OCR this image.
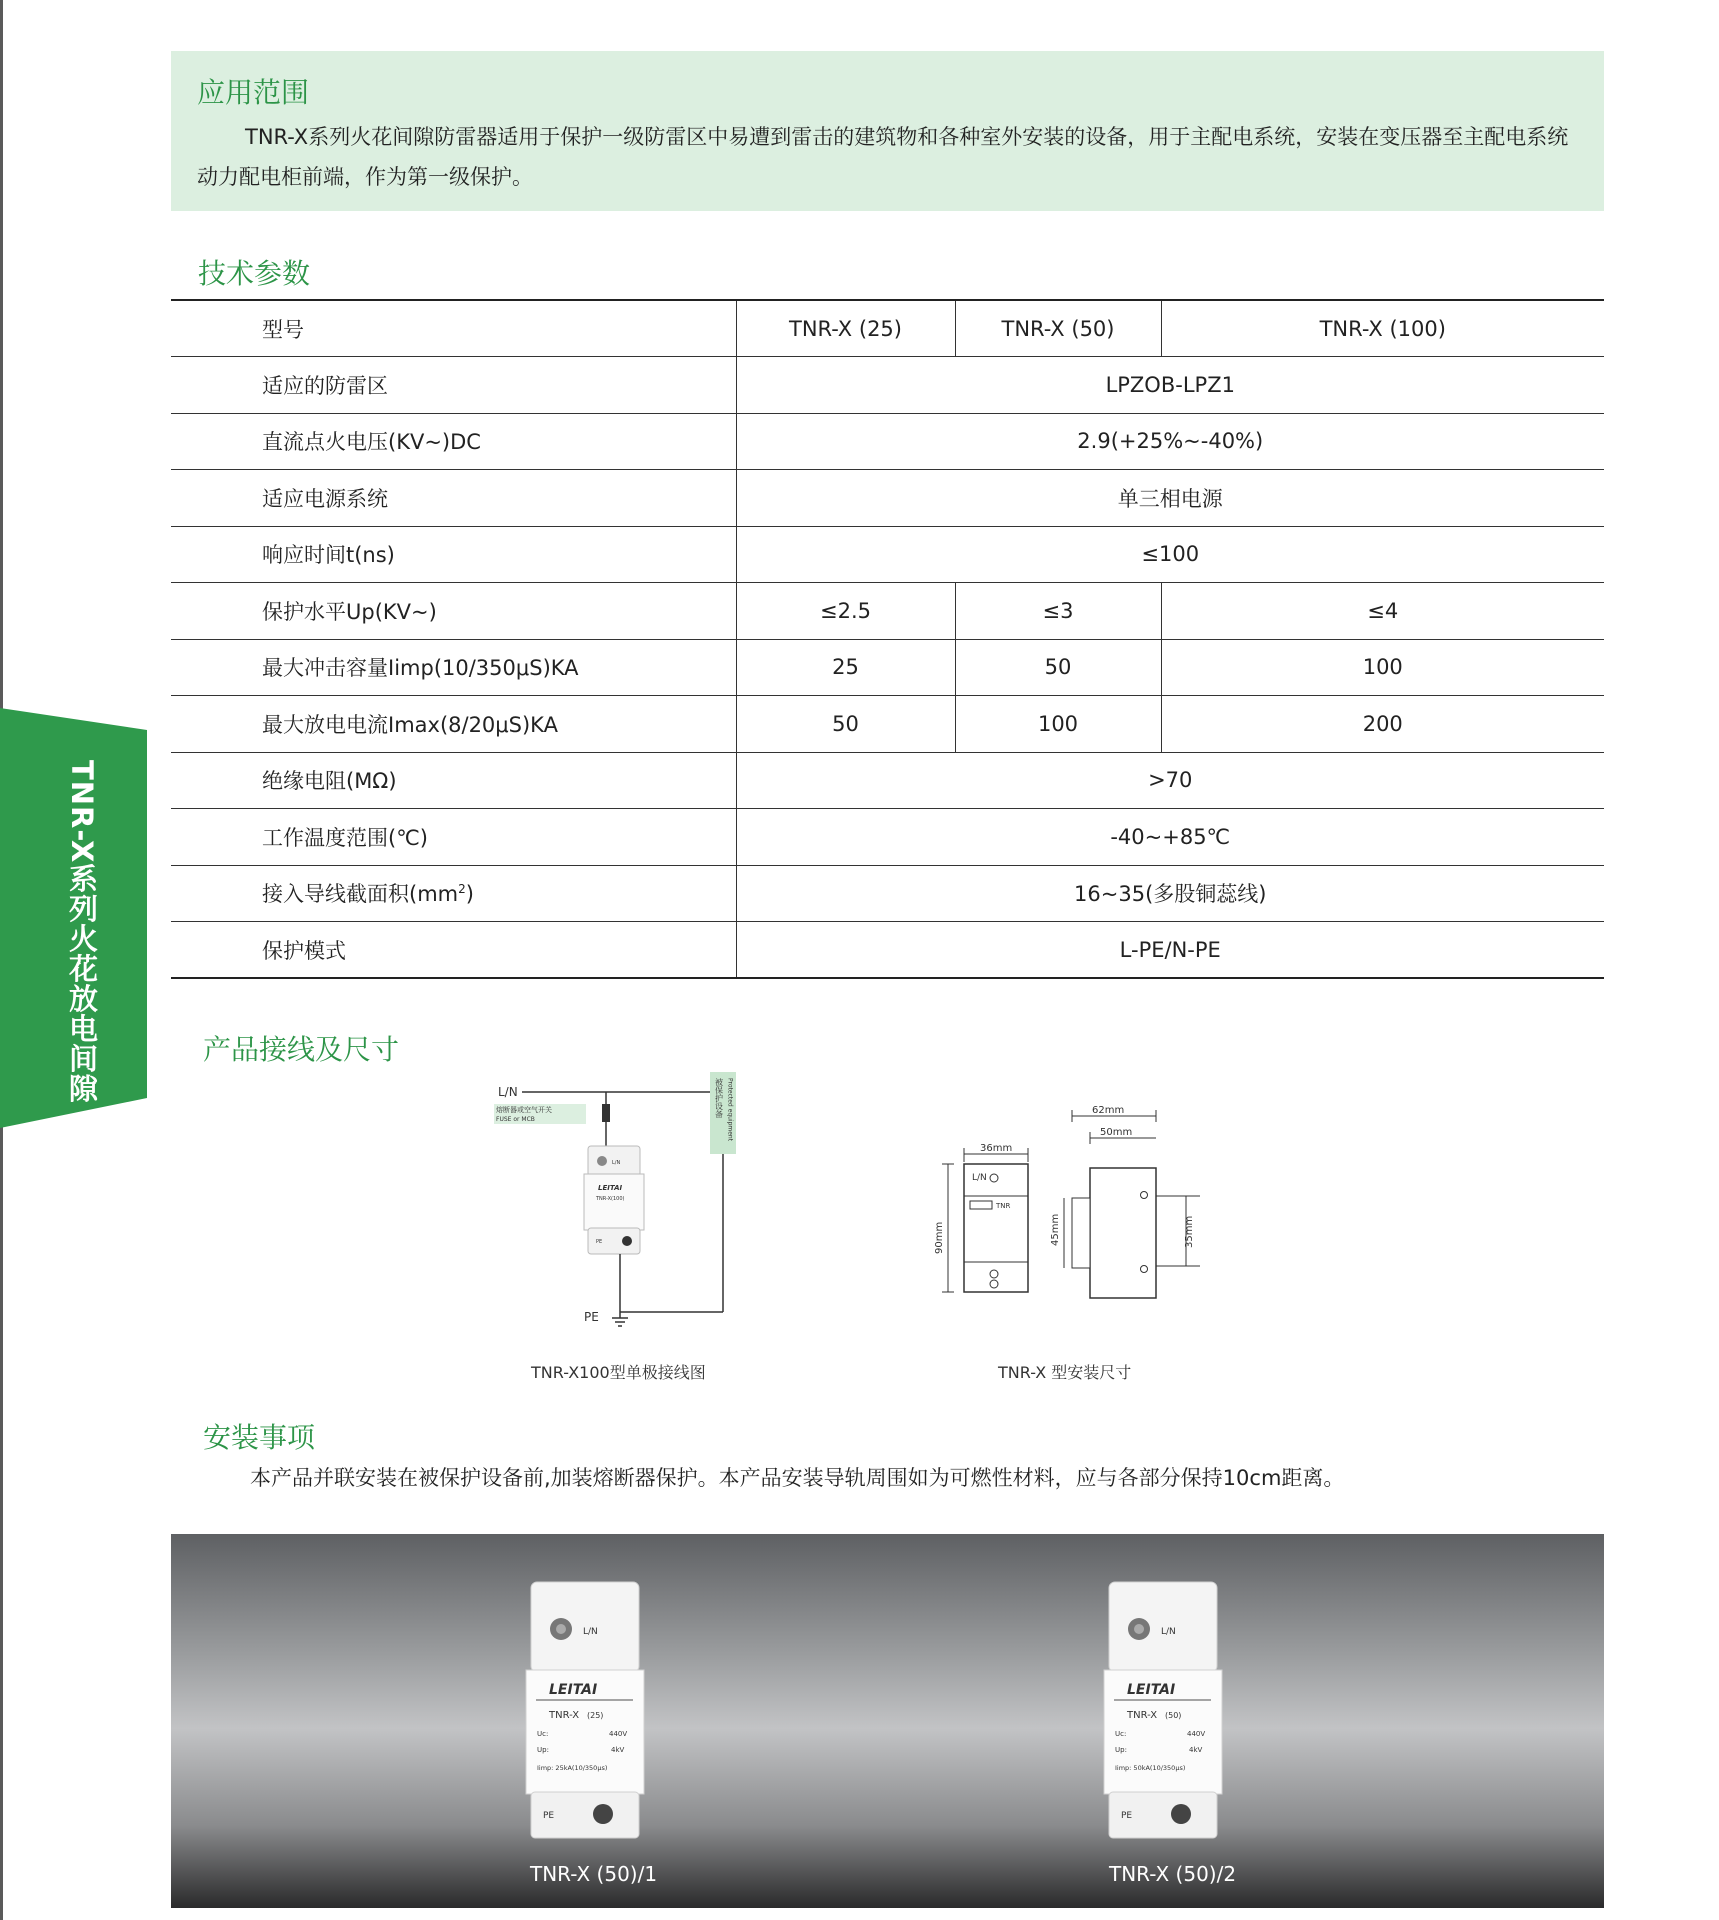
TNR-X系列火花放电间隙
应用范围
TNR-X系列火花间隙防雷器适用于保护一级防雷区中易遭到雷击的建筑物和各种室外安装的设备，用于主配电系统，安装在变压器至主配电系统动力配电柜前端，作为第一级保护。
技术参数
型号	TNR-X (25)	TNR-X (50)	TNR-X (100)
适应的防雷区	LPZOB-LPZ1		
直流点火电压(KV~)DC	2.9(+25%~-40%)		
适应电源系统	单三相电源		
响应时间t(ns)	≤100		
保护水平Up(KV~)	≤2.5	≤3	≤4
最大冲击容量Iimp(10/350μS)KA	25	50	100
最大放电电流Imax(8/20μS)KA	50	100	200
绝缘电阻(MΩ)	>70		
工作温度范围(℃)	-40~+85℃		
接入导线截面积$(mm^2)$	16~35(多股铜蕊线)		
保护模式	L-PE/N-PE		
产品接线及尺寸
L/N
熔断器或空气开关
FUSE or MCB
被保护设备 Protected equipment
L/N
LEITAI
TNR-X(100)
PE
PE
36mm
L/N
TNR
90mm
62mm
50mm
35mm
45mm
TNR-X100型单极接线图	TNR-X 型安装尺寸
安装事项
本产品并联安装在被保护设备前,加装熔断器保护。本产品安装导轨周围如为可燃性材料，应与各部分保持10cm距离。
L/N
LEITAI
TNR-X (25)
Uc:	440V
Up:	4kV
Iimp: 25kA(10/350μs)
PE
L/N
LEITAI
TNR-X (50)
Uc:	440V
Up:	4kV
Iimp: 50kA(10/350μs)
PE
TNR-X (50)/1	TNR-X (50)/2
